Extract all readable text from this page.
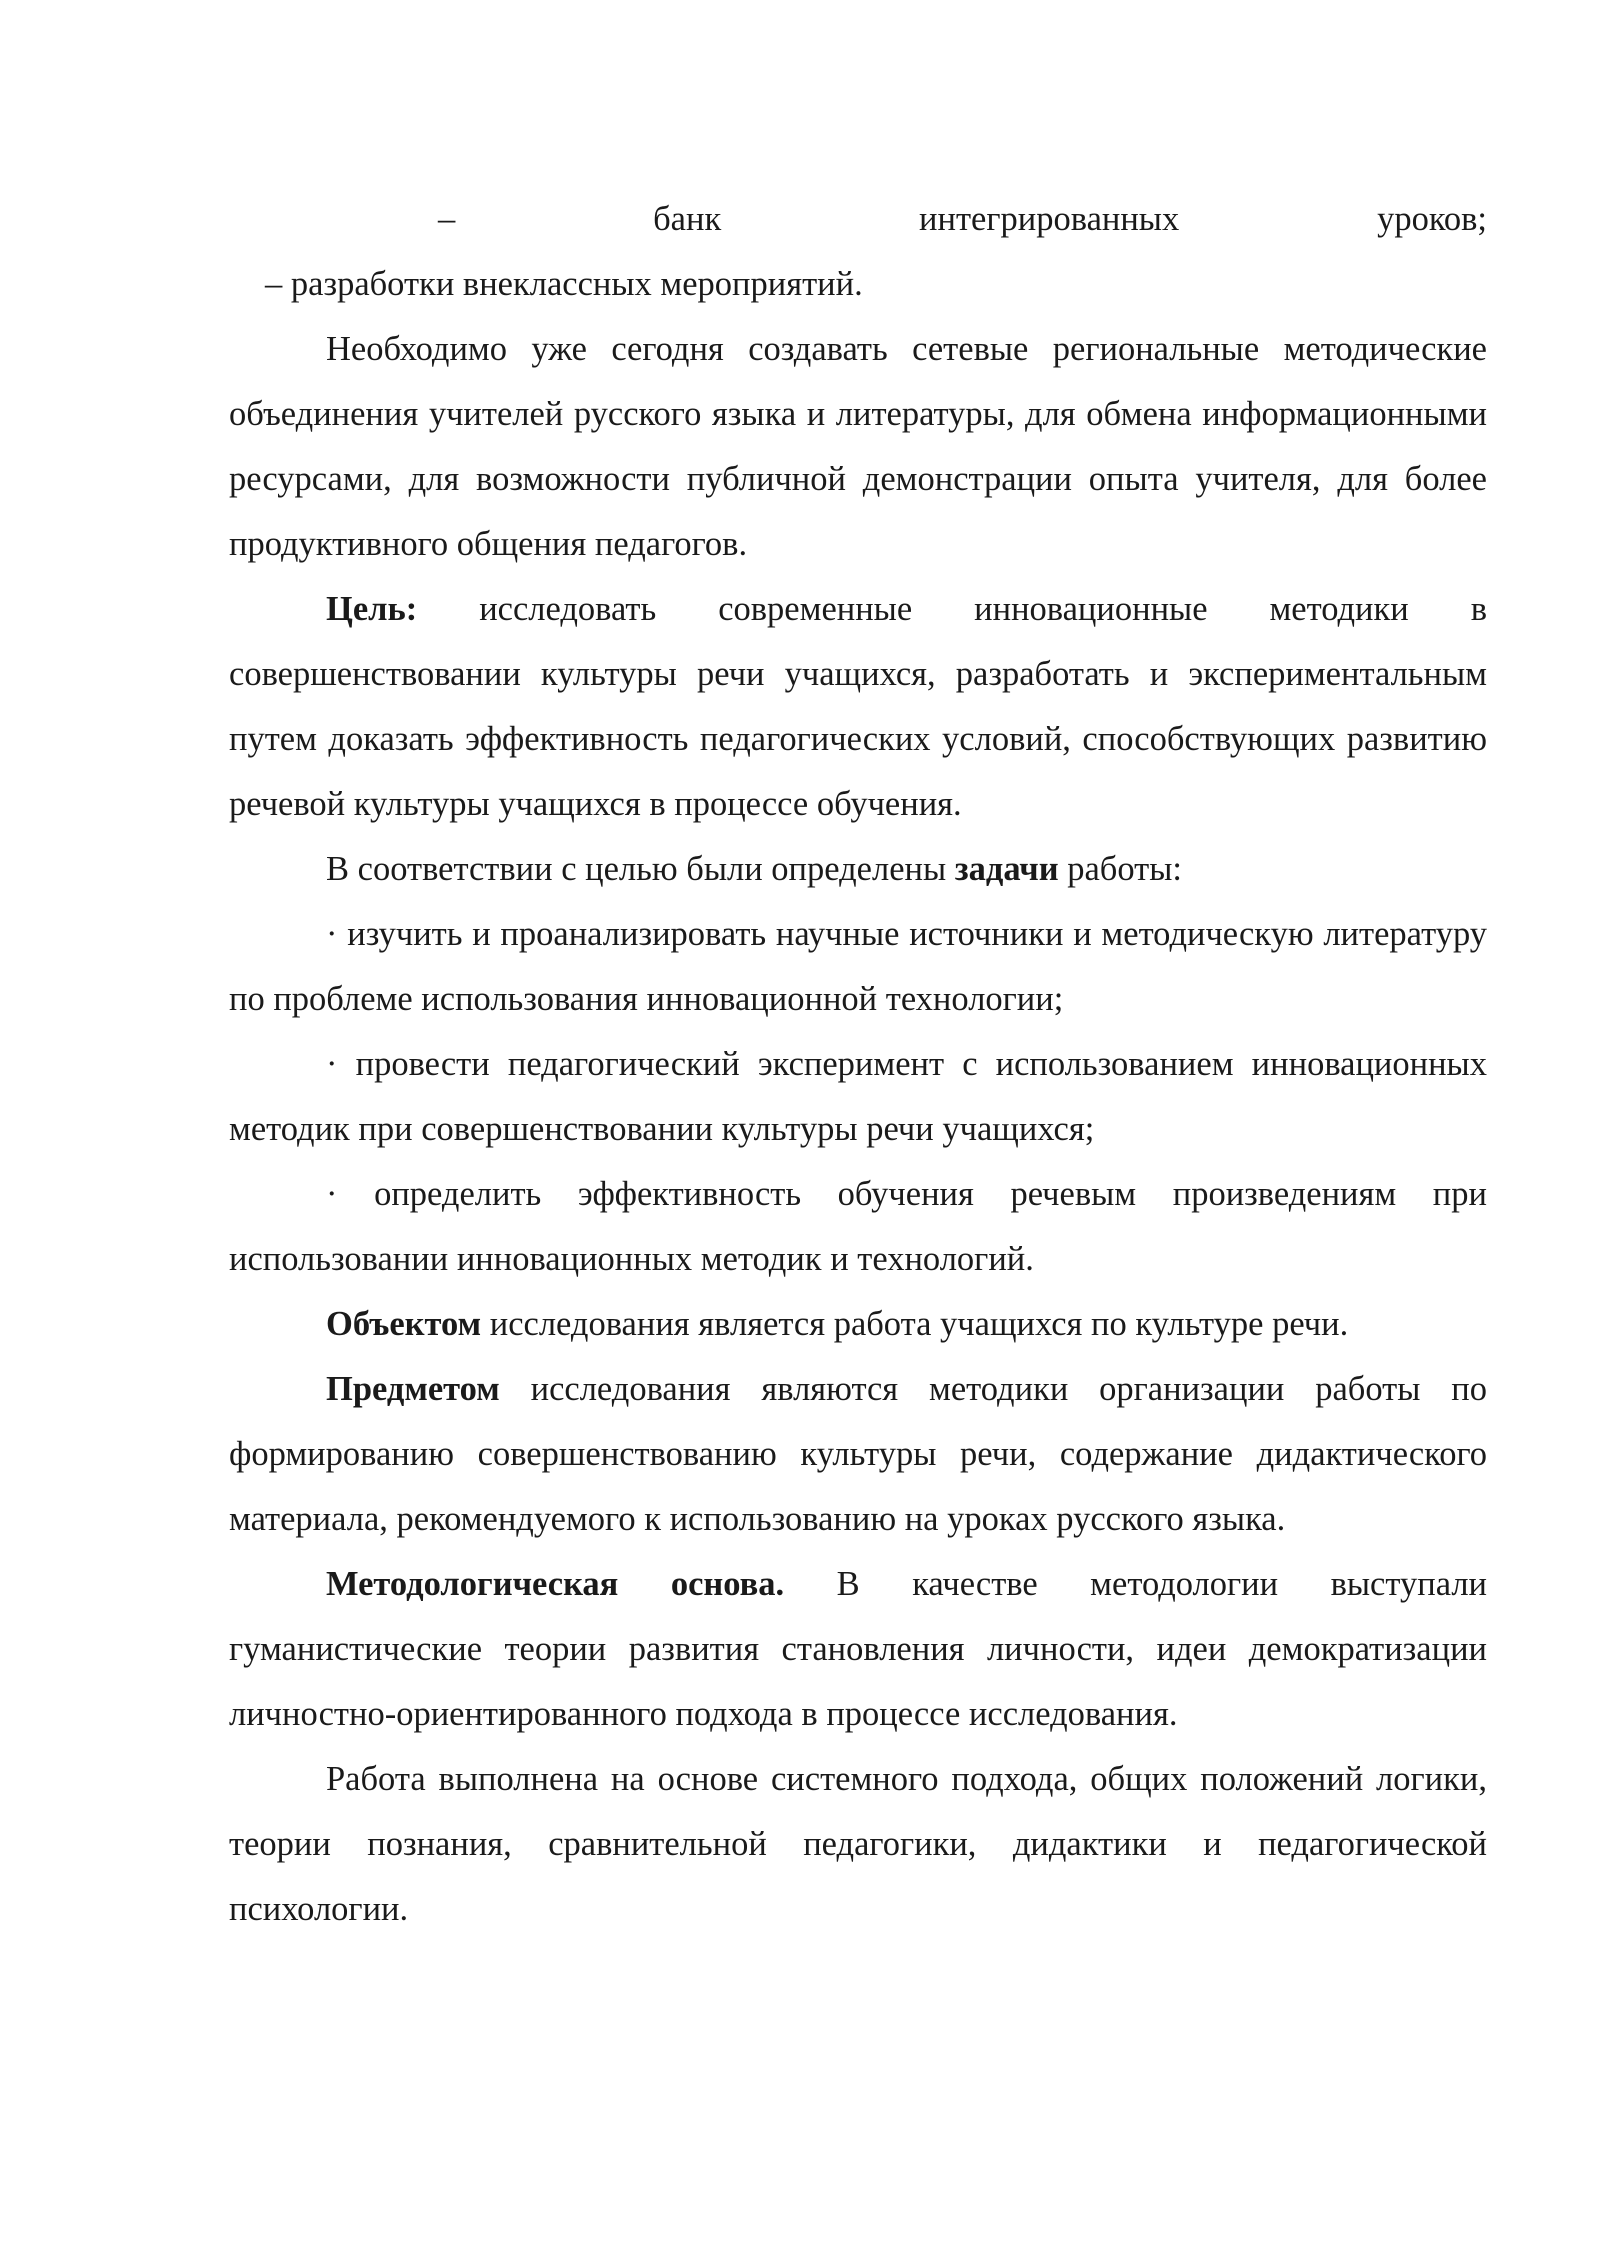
– банк интегрированных уроков;

– разработки внеклассных мероприятий.

Необходимо уже сегодня создавать сетевые региональные методические объединения учителей русского языка и литературы, для обмена информационными ресурсами, для возможности публичной демонстрации опыта учителя, для более продуктивного общения педагогов.

Цель: исследовать современные инновационные методики в совершенствовании культуры речи учащихся, разработать и экспериментальным путем доказать эффективность педагогических условий, способствующих развитию речевой культуры учащихся в процессе обучения.

В соответствии с целью были определены задачи работы:

· изучить и проанализировать научные источники и методическую литературу по проблеме использования инновационной технологии;

· провести педагогический эксперимент с использованием инновационных методик при совершенствовании культуры речи учащихся;

· определить эффективность обучения речевым произведениям при использовании инновационных методик и технологий.

Объектом исследования является работа учащихся по культуре речи.

Предметом исследования являются методики организации работы по формированию совершенствованию культуры речи, содержание дидактического материала, рекомендуемого к использованию на уроках русского языка.

Методологическая основа. В качестве методологии выступали гуманистические теории развития становления личности, идеи демократизации личностно-ориентированного подхода в процессе исследования.

Работа выполнена на основе системного подхода, общих положений логики, теории познания, сравнительной педагогики, дидактики и педагогической психологии.
